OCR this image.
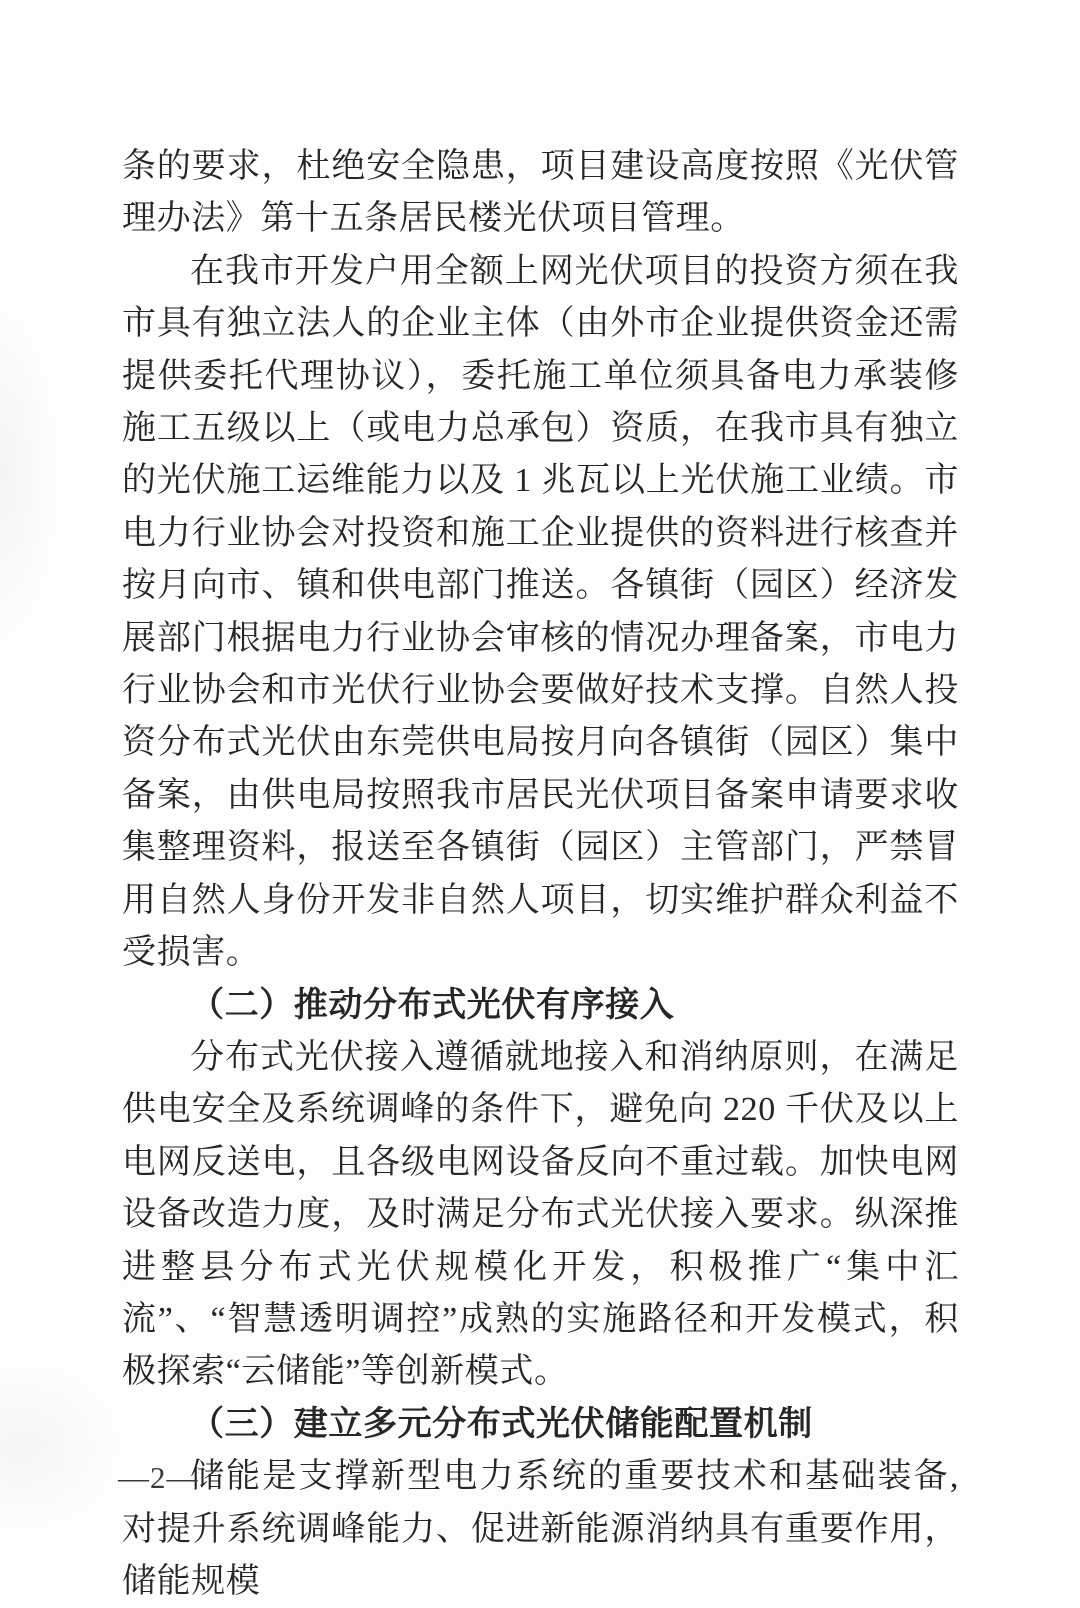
条的要求，杜绝安全隐患，项目建设高度按照《光伏管理办法》第十五条居民楼光伏项目管理。

在我市开发户用全额上网光伏项目的投资方须在我市具有独立法人的企业主体（由外市企业提供资金还需提供委托代理协议），委托施工单位须具备电力承装修施工五级以上（或电力总承包）资质，在我市具有独立的光伏施工运维能力以及 1 兆瓦以上光伏施工业绩。市电力行业协会对投资和施工企业提供的资料进行核查并按月向市、镇和供电部门推送。各镇街（园区）经济发展部门根据电力行业协会审核的情况办理备案，市电力行业协会和市光伏行业协会要做好技术支撑。自然人投资分布式光伏由东莞供电局按月向各镇街（园区）集中备案，由供电局按照我市居民光伏项目备案申请要求收集整理资料，报送至各镇街（园区）主管部门，严禁冒用自然人身份开发非自然人项目，切实维护群众利益不受损害。

（二）推动分布式光伏有序接入

分布式光伏接入遵循就地接入和消纳原则，在满足供电安全及系统调峰的条件下，避免向 220 千伏及以上电网反送电，且各级电网设备反向不重过载。加快电网设备改造力度，及时满足分布式光伏接入要求。纵深推进整县分布式光伏规模化开发，积极推广“集中汇流”、“智慧透明调控”成熟的实施路径和开发模式，积极探索“云储能”等创新模式。

（三）建立多元分布式光伏储能配置机制

储能是支撑新型电力系统的重要技术和基础装备,对提升系统调峰能力、促进新能源消纳具有重要作用，储能规模

—2—
